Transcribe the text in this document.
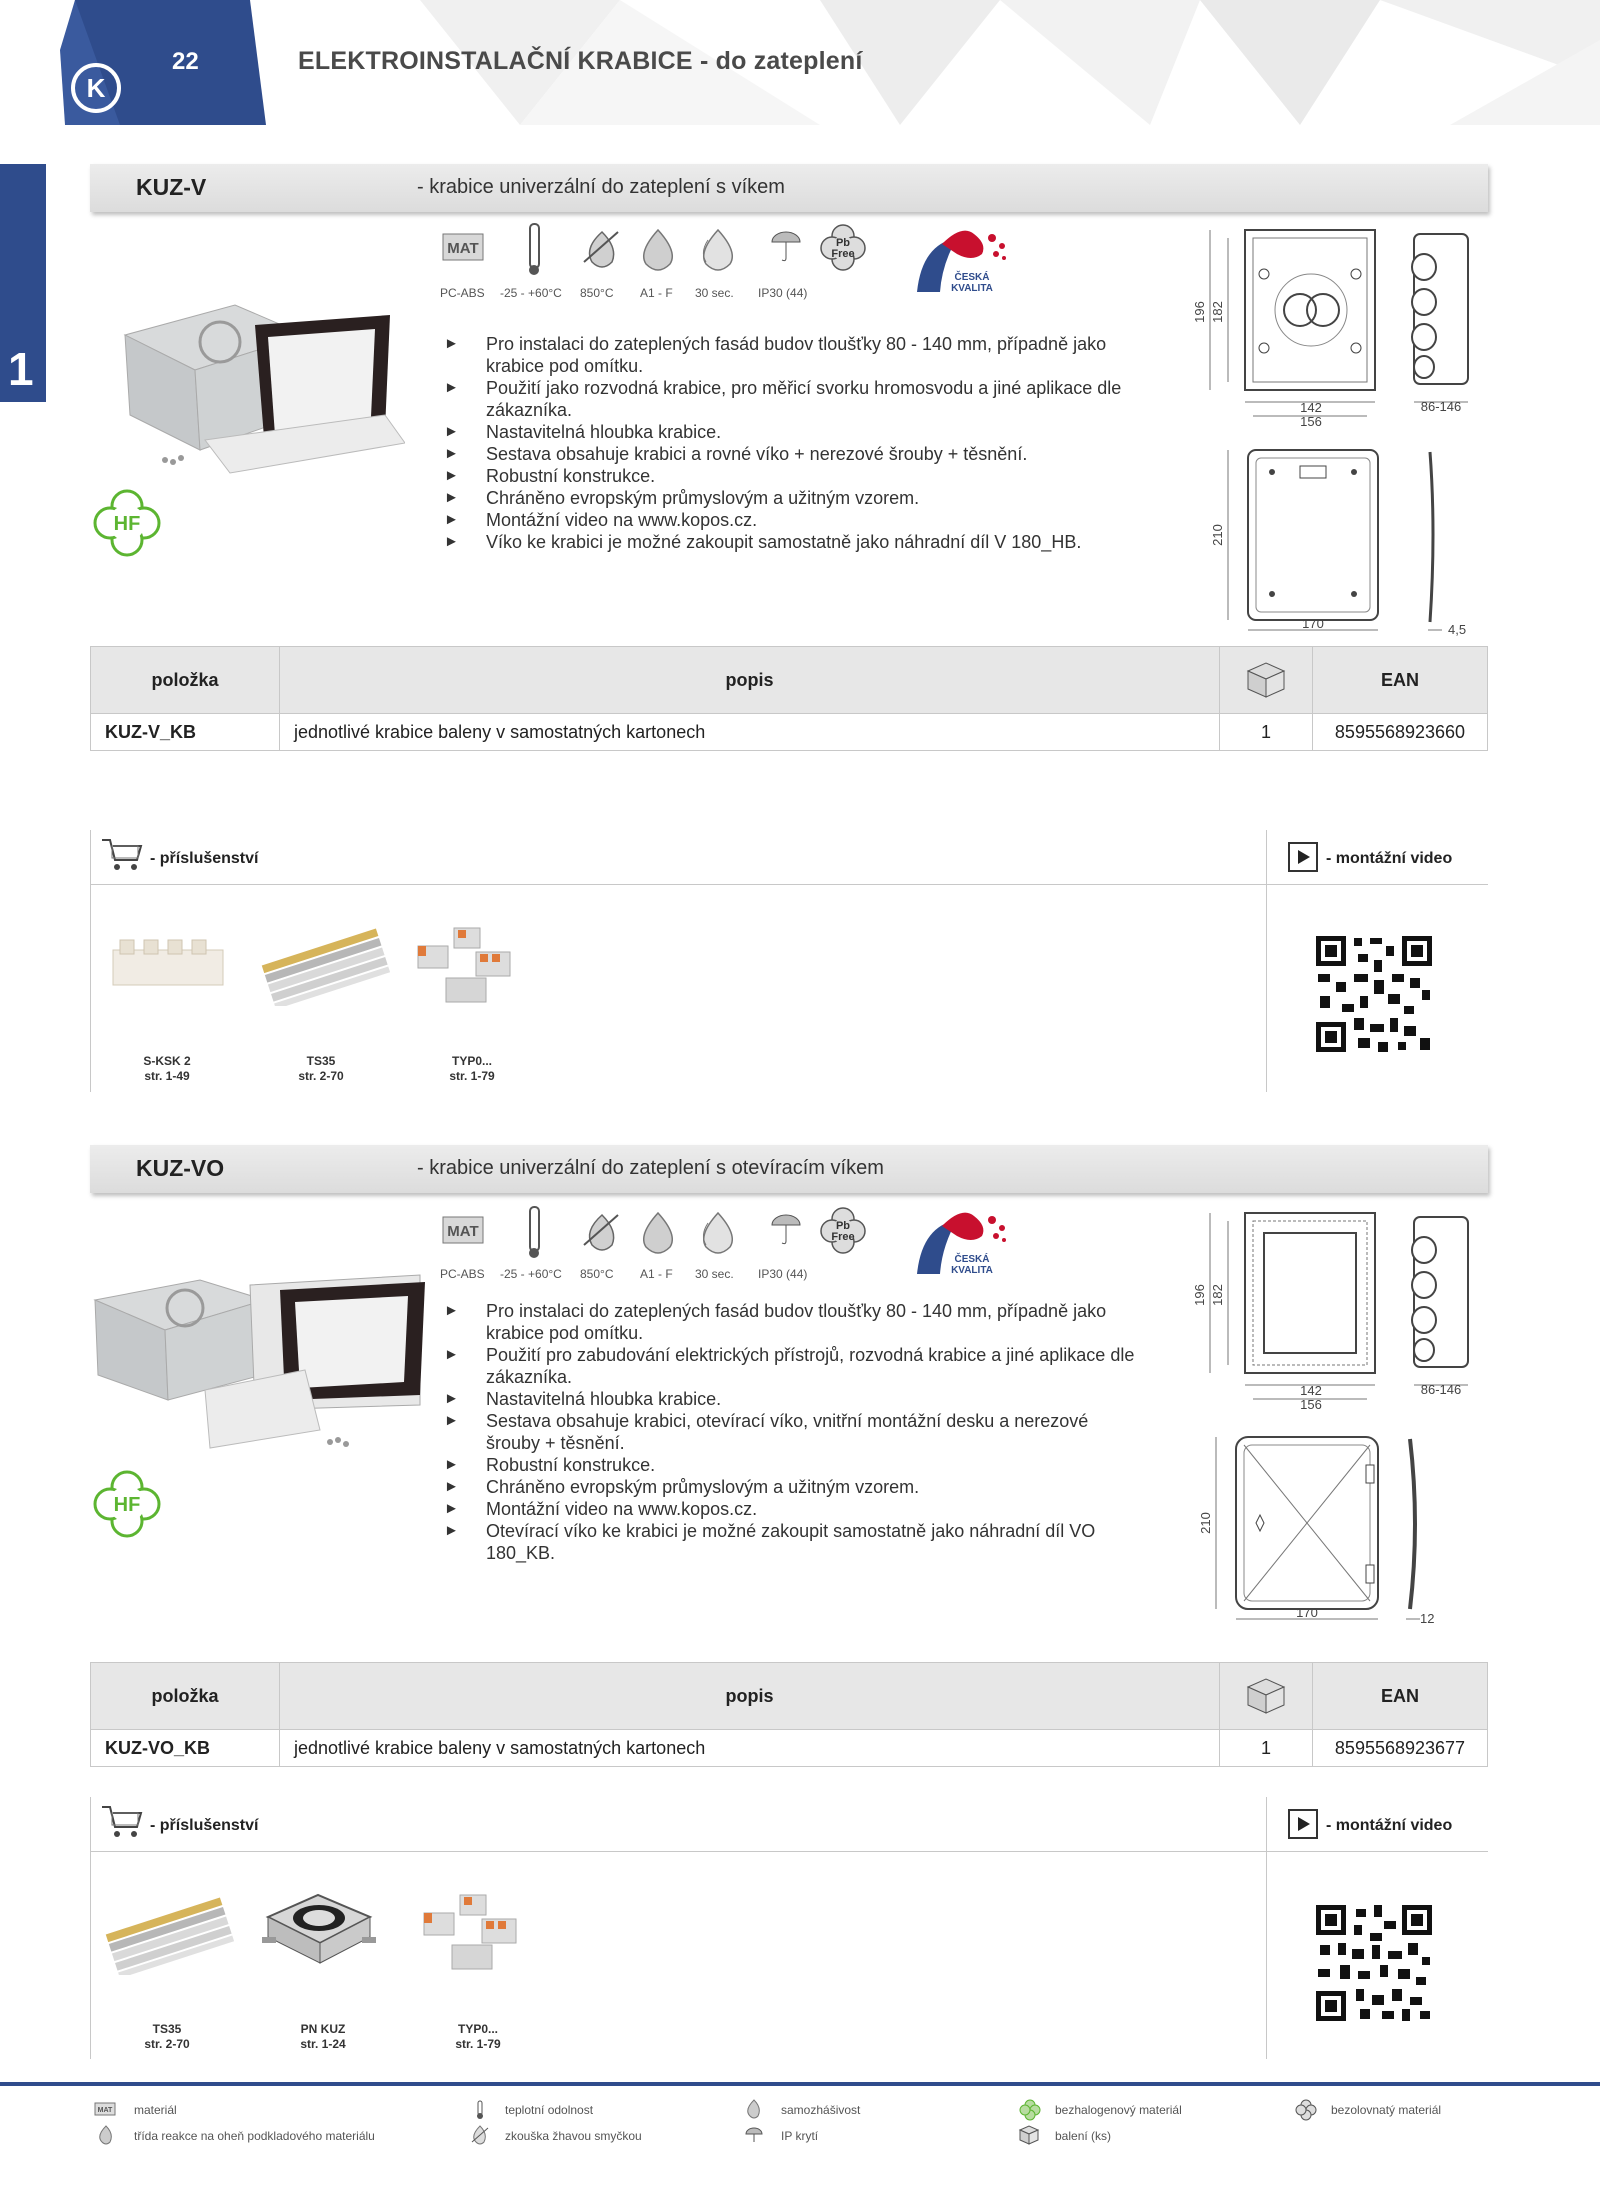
K
22	ELEKTROINSTALAČNÍ KRABICE - do zateplení
1
KUZ-V	- krabice univerzální do zateplení s víkem
HF
MAT	Pb
Free
PC-ABS -25 - +60°C 850°C A1 - F 30 sec. IP30 (44)
ČESKÁ
KVALITA
► Pro instalaci do zateplených fasád budov tloušťky 80 - 140 mm, případně jako krabice pod omítku.
► Použití jako rozvodná krabice, pro měřicí svorku hromosvodu a jiné aplikace dle zákazníka.
► Nastavitelná hloubka krabice.
► Sestava obsahuje krabici a rovné víko + nerezové šrouby + těsnění.
► Robustní konstrukce.
► Chráněno evropským průmyslovým a užitným vzorem.
► Montážní video na www.kopos.cz.
► Víko ke krabici je možné zakoupit samostatně jako náhradní díl V 180_HB.
142
156
196 182
86-146
210
170	4,5
položka	popis		EAN
KUZ-V_KB	jednotlivé krabice baleny v samostatných kartonech	1	8595568923660
- příslušenství	- montážní video
S-KSK 2
str. 1-49
TS35
str. 2-70
TYP0...
str. 1-79
KUZ-VO	- krabice univerzální do zateplení s otevíracím víkem
HF
MAT	Pb
Free
PC-ABS -25 - +60°C 850°C A1 - F 30 sec. IP30 (44)
ČESKÁ
KVALITA
► Pro instalaci do zateplených fasád budov tloušťky 80 - 140 mm, případně jako krabice pod omítku.
► Použití pro zabudování elektrických přístrojů, rozvodná krabice a jiné aplikace dle zákazníka.
► Nastavitelná hloubka krabice.
► Sestava obsahuje krabici, otevírací víko, vnitřní montážní desku a nerezové šrouby + těsnění.
► Robustní konstrukce.
► Chráněno evropským průmyslovým a užitným vzorem.
► Montážní video na www.kopos.cz.
► Otevírací víko ke krabici je možné zakoupit samostatně jako náhradní díl VO 180_KB.
142
156
196 182
86-146
210
170	12
položka	popis		EAN
KUZ-VO_KB	jednotlivé krabice baleny v samostatných kartonech	1	8595568923677
- příslušenství	- montážní video
TS35
str. 2-70
PN KUZ
str. 1-24
TYP0...
str. 1-79
MAT materiál	teplotní odolnost	samozhášivost	bezhalogenový materiál	bezolovnatý materiál
třída reakce na oheň podkladového materiálu	zkouška žhavou smyčkou	IP krytí	balení (ks)
